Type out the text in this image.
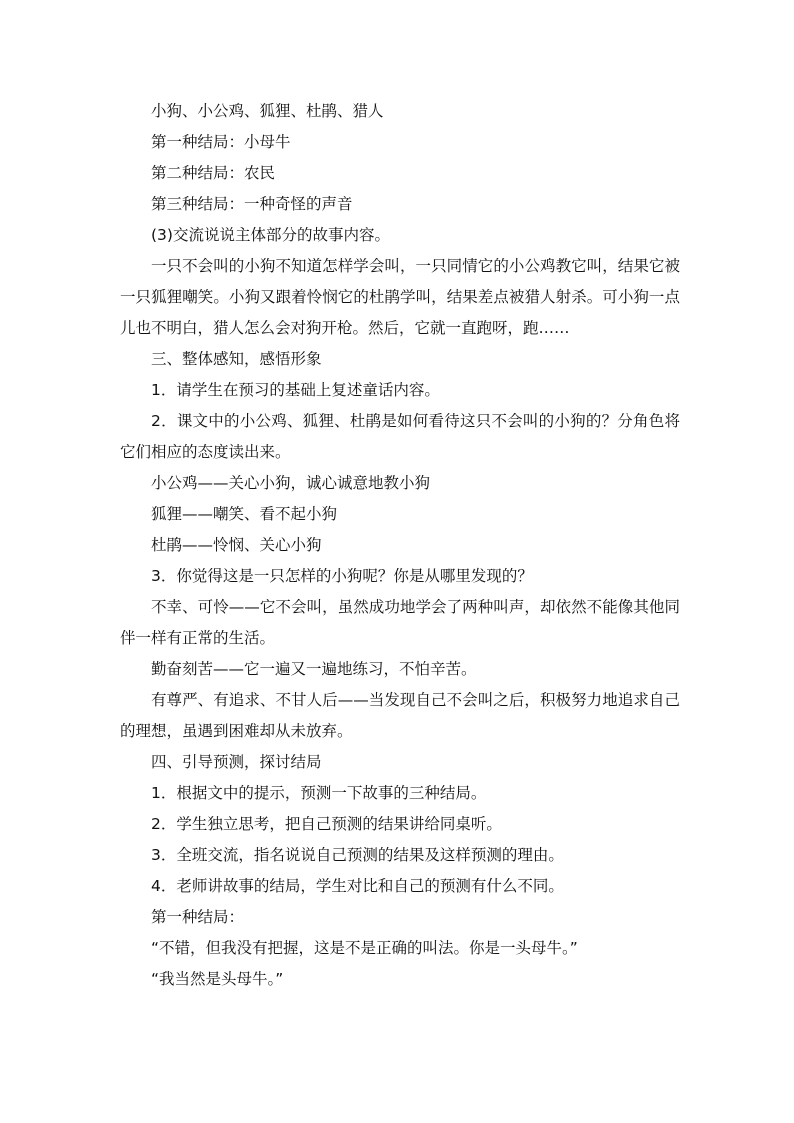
小狗、小公鸡、狐狸、杜鹃、猎人

第一种结局：小母牛

第二种结局：农民

第三种结局：一种奇怪的声音

(3)交流说说主体部分的故事内容。

一只不会叫的小狗不知道怎样学会叫，一只同情它的小公鸡教它叫，结果它被一只狐狸嘲笑。小狗又跟着怜悯它的杜鹃学叫，结果差点被猎人射杀。可小狗一点儿也不明白，猎人怎么会对狗开枪。然后，它就一直跑呀，跑……

三、整体感知，感悟形象

1．请学生在预习的基础上复述童话内容。

2．课文中的小公鸡、狐狸、杜鹃是如何看待这只不会叫的小狗的？分角色将它们相应的态度读出来。

小公鸡——关心小狗，诚心诚意地教小狗

狐狸——嘲笑、看不起小狗

杜鹃——怜悯、关心小狗

3．你觉得这是一只怎样的小狗呢？你是从哪里发现的？

不幸、可怜——它不会叫，虽然成功地学会了两种叫声，却依然不能像其他同伴一样有正常的生活。

勤奋刻苦——它一遍又一遍地练习，不怕辛苦。

有尊严、有追求、不甘人后——当发现自己不会叫之后，积极努力地追求自己的理想，虽遇到困难却从未放弃。

四、引导预测，探讨结局

1．根据文中的提示，预测一下故事的三种结局。

2．学生独立思考，把自己预测的结果讲给同桌听。

3．全班交流，指名说说自己预测的结果及这样预测的理由。

4．老师讲故事的结局，学生对比和自己的预测有什么不同。

第一种结局：

“不错，但我没有把握，这是不是正确的叫法。你是一头母牛。”

“我当然是头母牛。”
